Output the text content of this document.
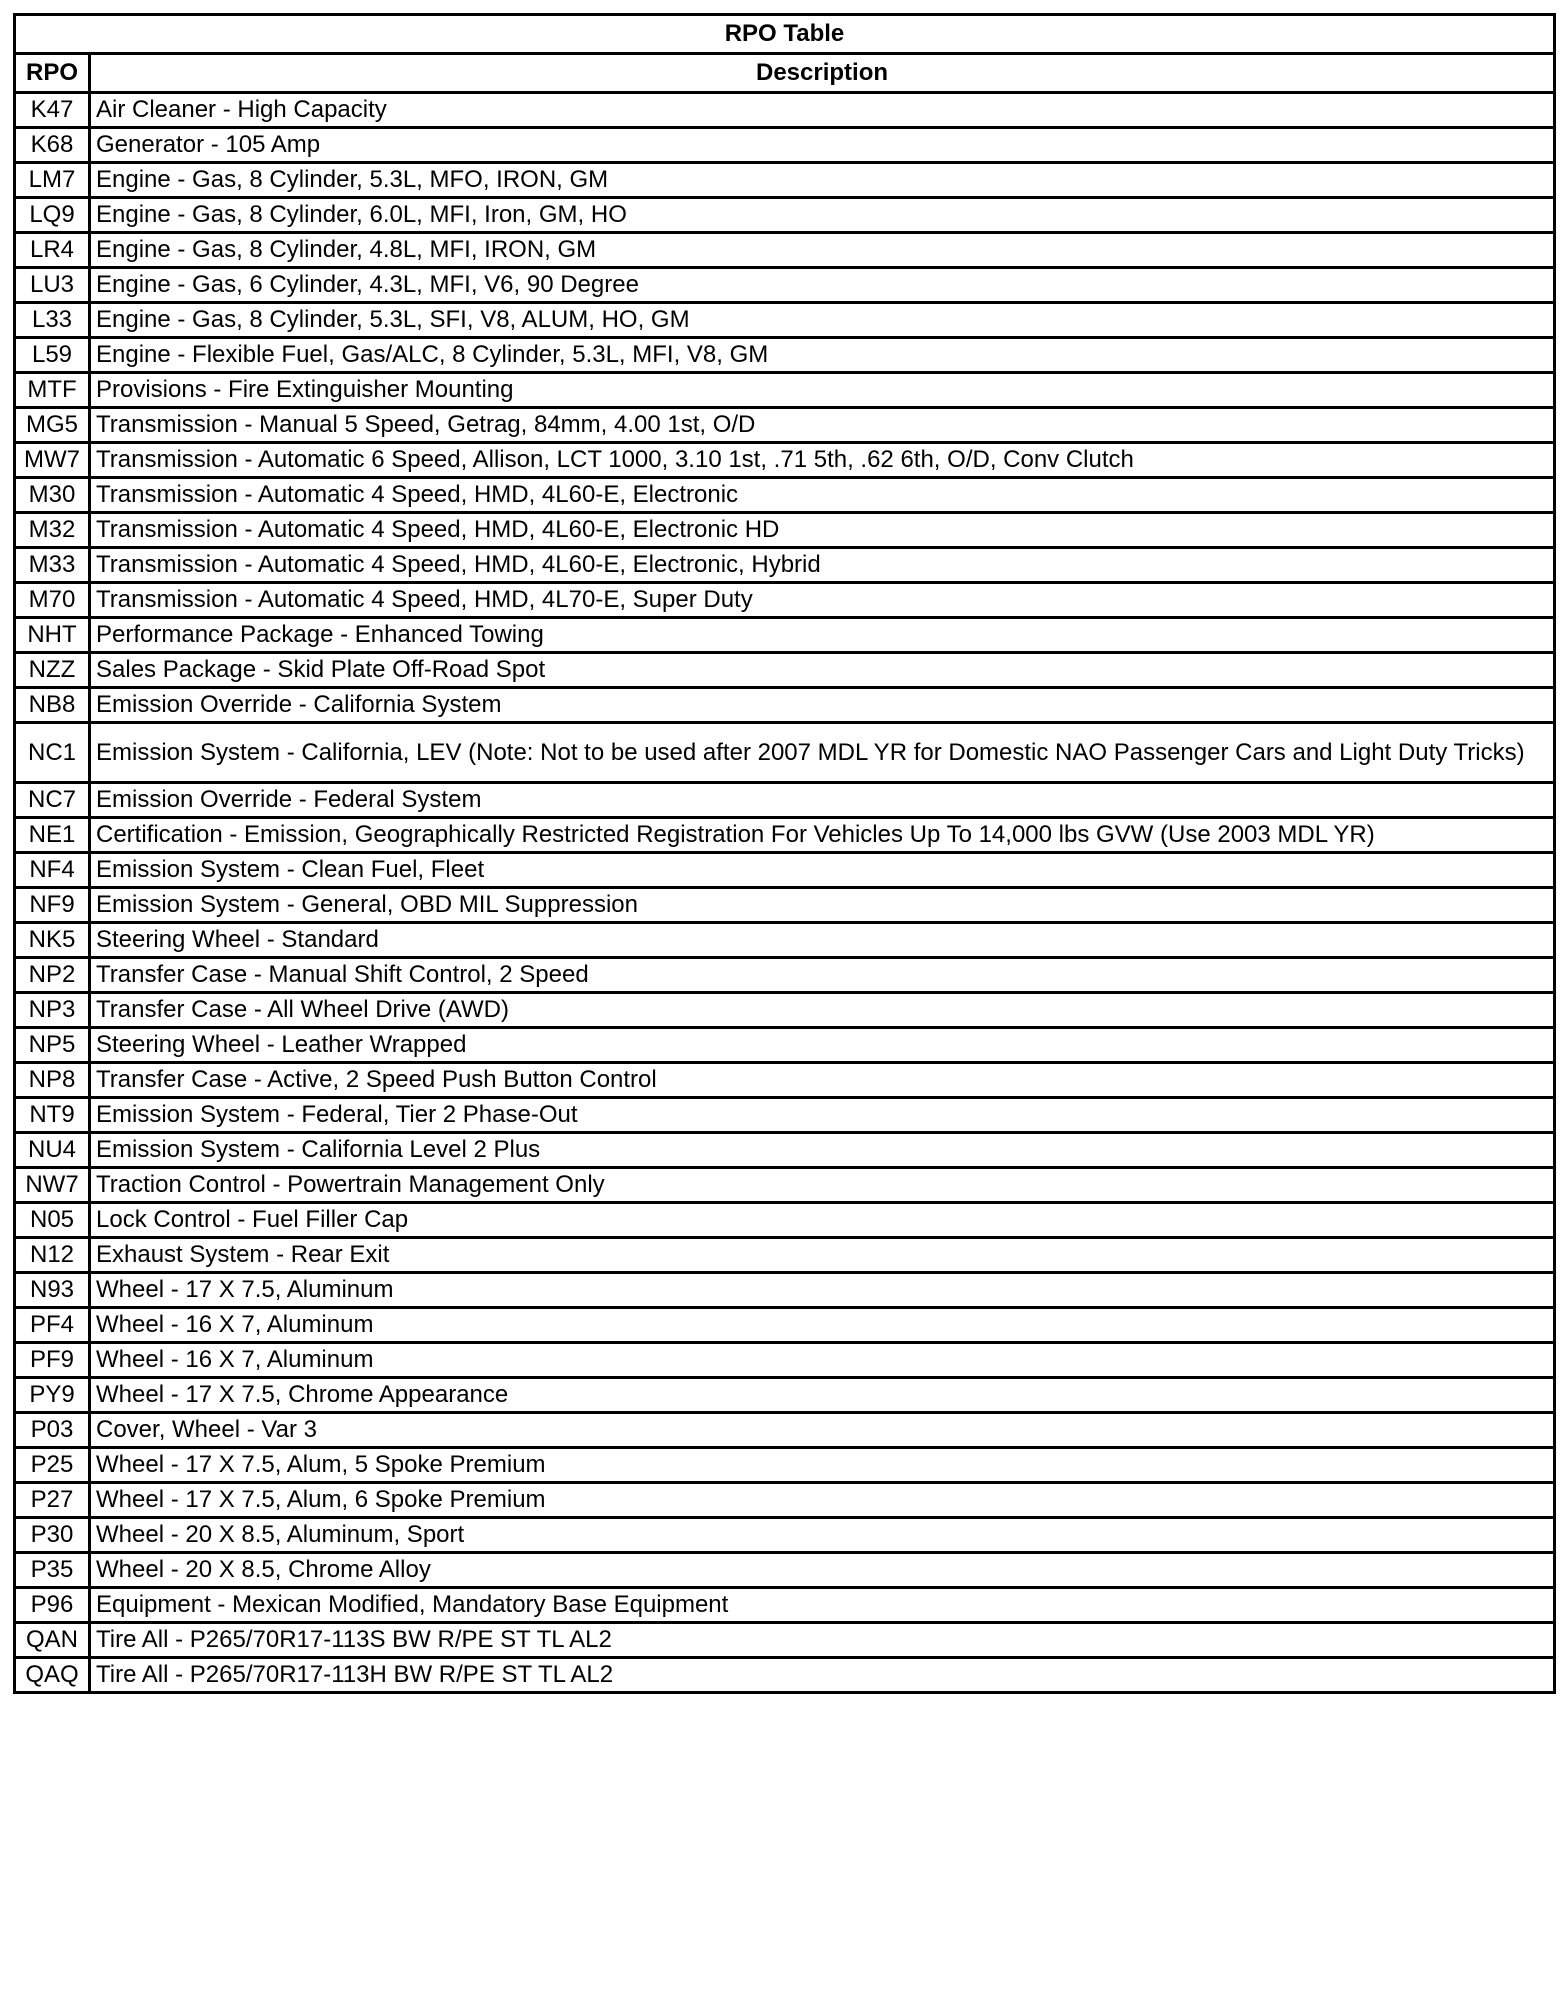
RPO Table	
RPO	Description
K47	Air Cleaner - High Capacity
K68	Generator - 105 Amp
LM7	Engine - Gas, 8 Cylinder, 5.3L, MFO, IRON, GM
LQ9	Engine - Gas, 8 Cylinder, 6.0L, MFI, Iron, GM, HO
LR4	Engine - Gas, 8 Cylinder, 4.8L, MFI, IRON, GM
LU3	Engine - Gas, 6 Cylinder, 4.3L, MFI, V6, 90 Degree
L33	Engine - Gas, 8 Cylinder, 5.3L, SFI, V8, ALUM, HO, GM
L59	Engine - Flexible Fuel, Gas/ALC, 8 Cylinder, 5.3L, MFI, V8, GM
MTF	Provisions - Fire Extinguisher Mounting
MG5	Transmission - Manual 5 Speed, Getrag, 84mm, 4.00 1st, O/D
MW7	Transmission - Automatic 6 Speed, Allison, LCT 1000, 3.10 1st, .71 5th, .62 6th, O/D, Conv Clutch
M30	Transmission - Automatic 4 Speed, HMD, 4L60-E, Electronic
M32	Transmission - Automatic 4 Speed, HMD, 4L60-E, Electronic HD
M33	Transmission - Automatic 4 Speed, HMD, 4L60-E, Electronic, Hybrid
M70	Transmission - Automatic 4 Speed, HMD, 4L70-E, Super Duty
NHT	Performance Package - Enhanced Towing
NZZ	Sales Package - Skid Plate Off-Road Spot
NB8	Emission Override - California System
NC1	Emission System - California, LEV (Note: Not to be used after 2007 MDL YR for Domestic NAO Passenger Cars and Light Duty Tricks)
NC7	Emission Override - Federal System
NE1	Certification - Emission, Geographically Restricted Registration For Vehicles Up To 14,000 lbs GVW (Use 2003 MDL YR)
NF4	Emission System - Clean Fuel, Fleet
NF9	Emission System - General, OBD MIL Suppression
NK5	Steering Wheel - Standard
NP2	Transfer Case - Manual Shift Control, 2 Speed
NP3	Transfer Case - All Wheel Drive (AWD)
NP5	Steering Wheel - Leather Wrapped
NP8	Transfer Case - Active, 2 Speed Push Button Control
NT9	Emission System - Federal, Tier 2 Phase-Out
NU4	Emission System - California Level 2 Plus
NW7	Traction Control - Powertrain Management Only
N05	Lock Control - Fuel Filler Cap
N12	Exhaust System - Rear Exit
N93	Wheel - 17 X 7.5, Aluminum
PF4	Wheel - 16 X 7, Aluminum
PF9	Wheel - 16 X 7, Aluminum
PY9	Wheel - 17 X 7.5, Chrome Appearance
P03	Cover, Wheel - Var 3
P25	Wheel - 17 X 7.5, Alum, 5 Spoke Premium
P27	Wheel - 17 X 7.5, Alum, 6 Spoke Premium
P30	Wheel - 20 X 8.5, Aluminum, Sport
P35	Wheel - 20 X 8.5, Chrome Alloy
P96	Equipment - Mexican Modified, Mandatory Base Equipment
QAN	Tire All - P265/70R17-113S BW R/PE ST TL AL2
QAQ	Tire All - P265/70R17-113H BW R/PE ST TL AL2
